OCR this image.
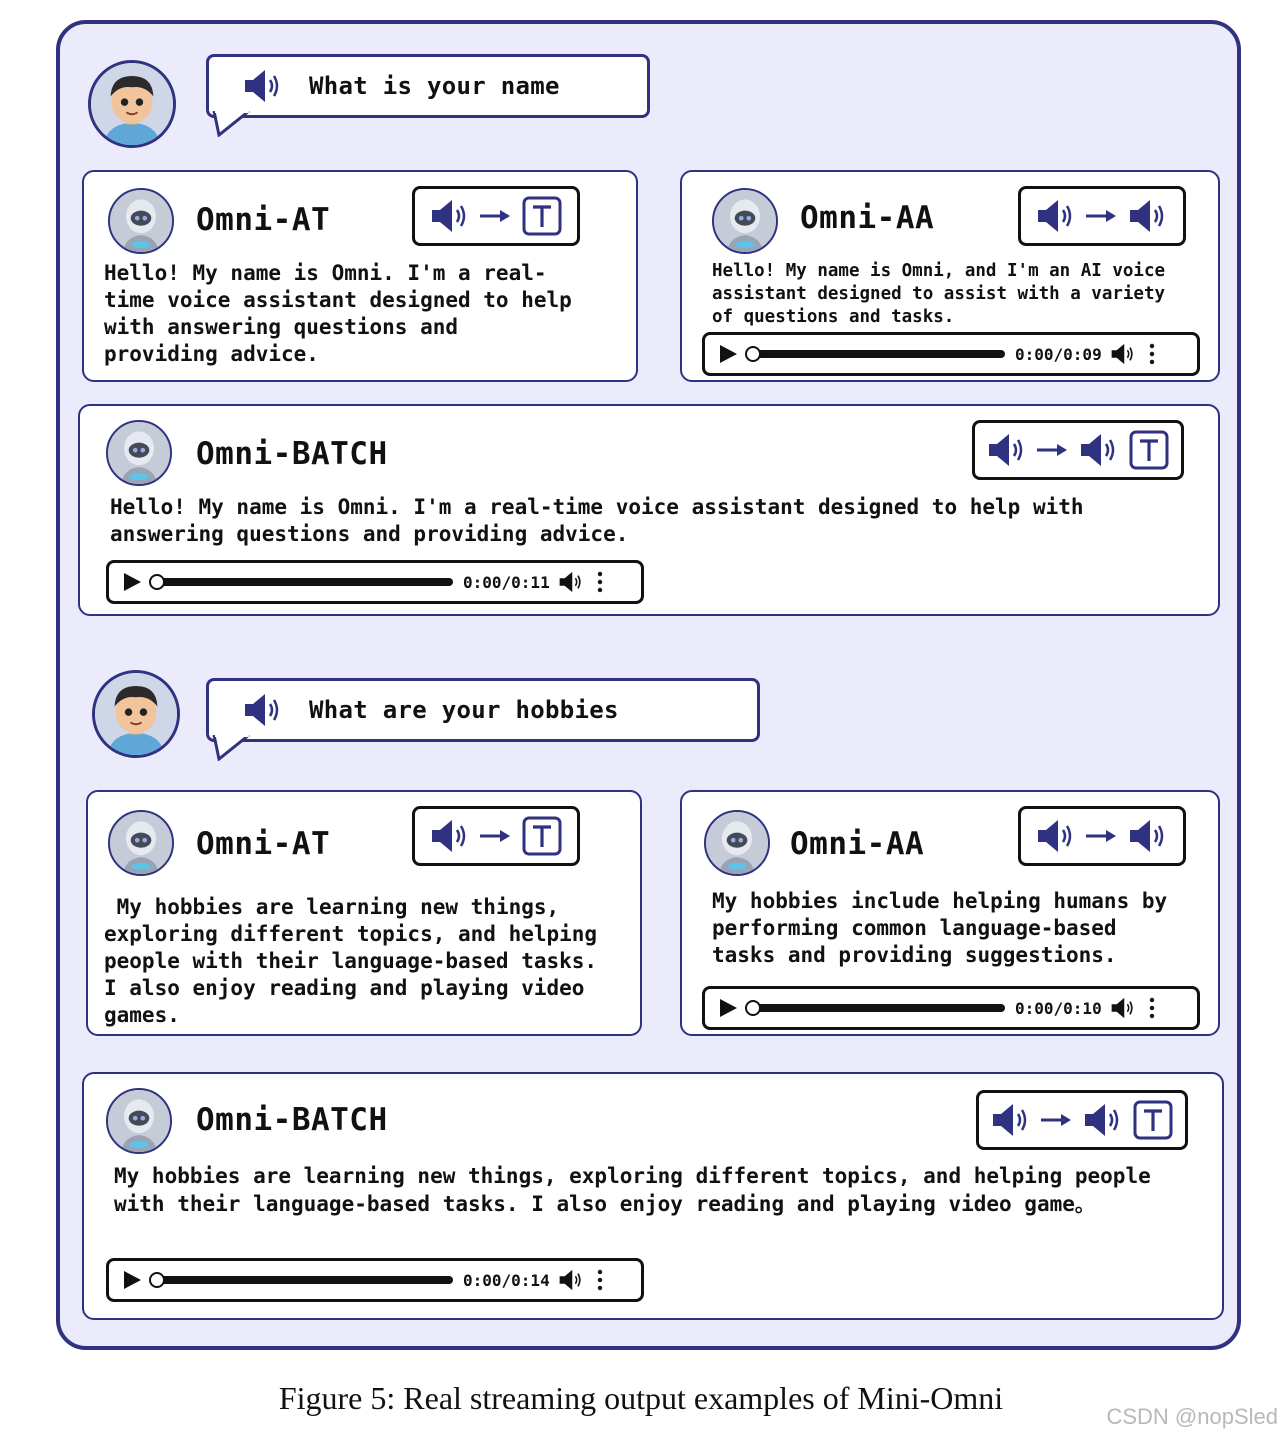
What is your name
Omni-AT
Hello! My name is Omni. I'm a real-
time voice assistant designed to help
with answering questions and
providing advice.
Omni-AA
Hello! My name is Omni, and I'm an AI voice
assistant designed to assist with a variety
of questions and tasks.
0:00/0:09
Omni-BATCH
Hello! My name is Omni. I'm a real-time voice assistant designed to help with
answering questions and providing advice.
0:00/0:11
What are your hobbies
Omni-AT
My hobbies are learning new things,
exploring different topics, and helping
people with their language-based tasks.
I also enjoy reading and playing video
games.
Omni-AA
My hobbies include helping humans by
performing common language-based
tasks and providing suggestions.
0:00/0:10
Omni-BATCH
My hobbies are learning new things, exploring different topics, and helping people
with their language-based tasks. I also enjoy reading and playing video game。
0:00/0:14
Figure 5: Real streaming output examples of Mini-Omni
CSDN @nopSled
